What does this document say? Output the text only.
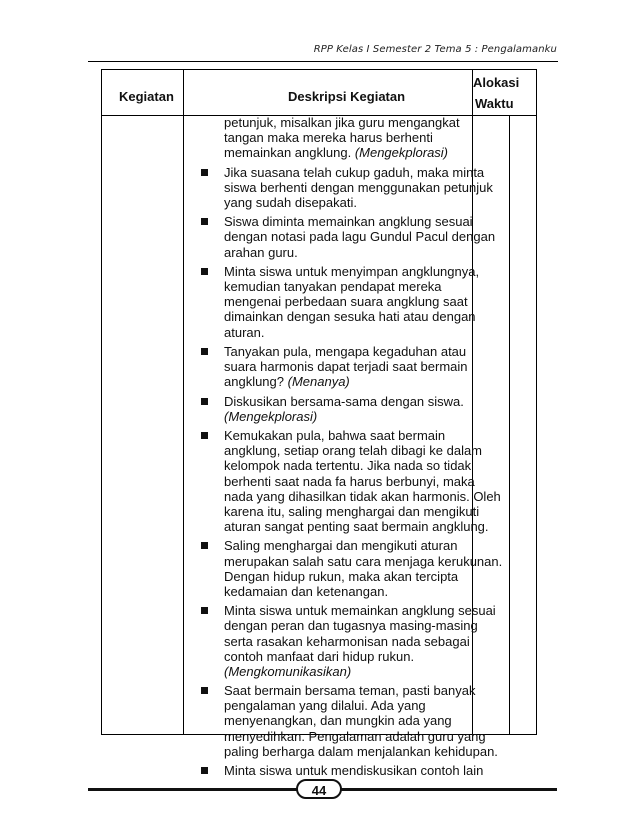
RPP Kelas I Semester 2 Tema 5 : Pengalamanku
Kegiatan	Deskripsi Kegiatan
Alokasi
Waktu
petunjuk, misalkan jika guru mengangkat
tangan maka mereka harus berhenti
memainkan angklung. (Mengekplorasi)
Jika suasana telah cukup gaduh, maka minta
siswa berhenti dengan menggunakan petunjuk
yang sudah disepakati.
Siswa diminta memainkan angklung sesuai
dengan notasi pada lagu Gundul Pacul dengan
arahan guru.
Minta siswa untuk menyimpan angklungnya,
kemudian tanyakan pendapat mereka
mengenai perbedaan suara angklung saat
dimainkan dengan sesuka hati atau dengan
aturan.
Tanyakan pula, mengapa kegaduhan atau
suara harmonis dapat terjadi saat bermain
angklung? (Menanya)
Diskusikan bersama-sama dengan siswa.
(Mengekplorasi)
Kemukakan pula, bahwa saat bermain
angklung, setiap orang telah dibagi ke dalam
kelompok nada tertentu. Jika nada so tidak
berhenti saat nada fa harus berbunyi, maka
nada yang dihasilkan tidak akan harmonis. Oleh
karena itu, saling menghargai dan mengikuti
aturan sangat penting saat bermain angklung.
Saling menghargai dan mengikuti aturan
merupakan salah satu cara menjaga kerukunan.
Dengan hidup rukun, maka akan tercipta
kedamaian dan ketenangan.
Minta siswa untuk memainkan angklung sesuai
dengan peran dan tugasnya masing-masing
serta rasakan keharmonisan nada sebagai
contoh manfaat dari hidup rukun.
(Mengkomunikasikan)
Saat bermain bersama teman, pasti banyak
pengalaman yang dilalui. Ada yang
menyenangkan, dan mungkin ada yang
menyedihkan. Pengalaman adalah guru yang
paling berharga dalam menjalankan kehidupan.
Minta siswa untuk mendiskusikan contoh lain
44
